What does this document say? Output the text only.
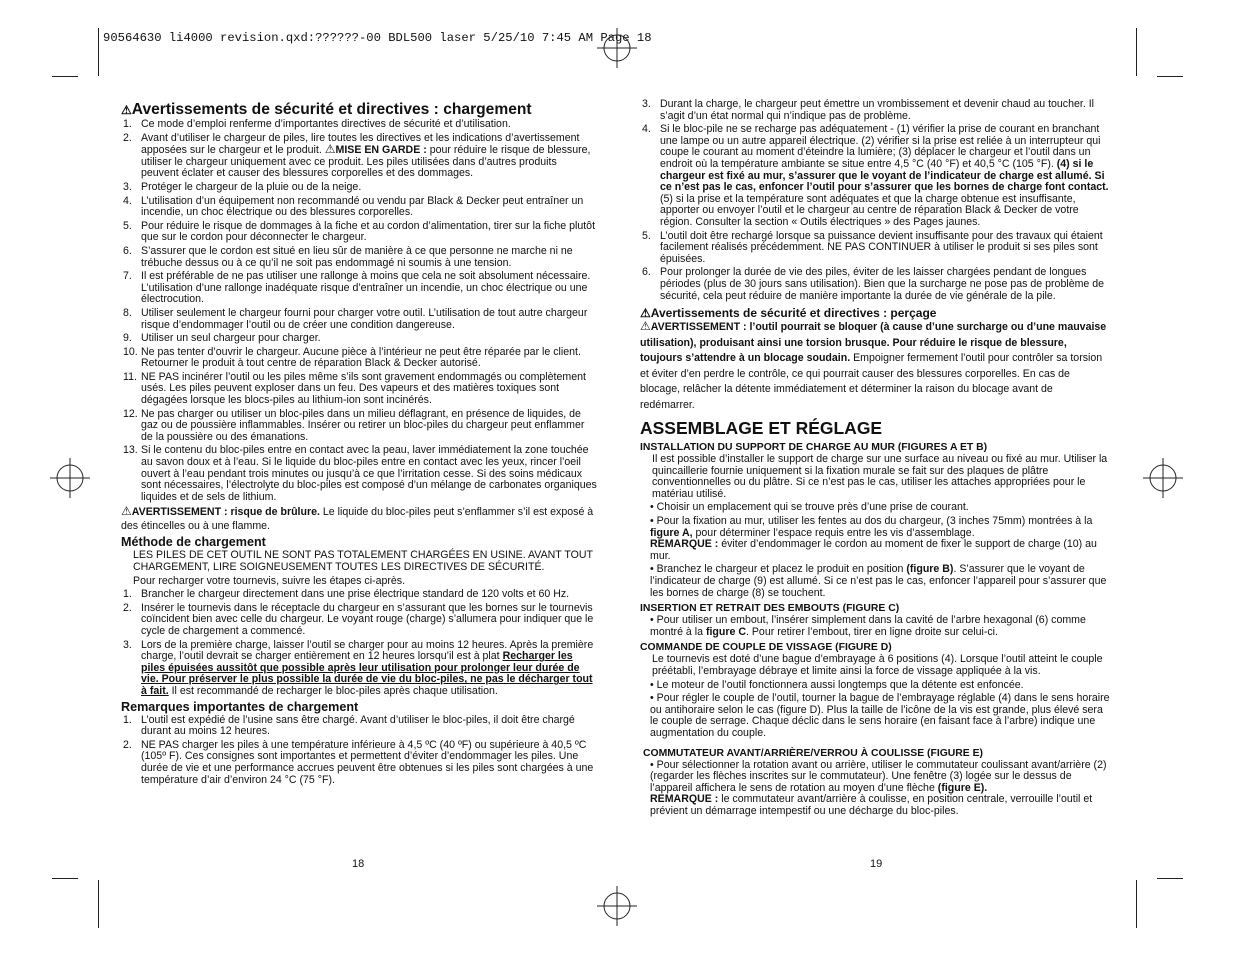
90564630 li4000 revision.qxd:??????-00 BDL500 laser 5/25/10 7:45 AM Page 18
⚠Avertissements de sécurité et directives : chargement
1. Ce mode d’emploi renferme d’importantes directives de sécurité et d’utilisation.
2. Avant d’utiliser le chargeur de piles, lire toutes les directives et les indications d’avertissement apposées sur le chargeur et le produit. ⚠MISE EN GARDE : pour réduire le risque de blessure, utiliser le chargeur uniquement avec ce produit. Les piles utilisées dans d’autres produits peuvent éclater et causer des blessures corporelles et des dommages.
3. Protéger le chargeur de la pluie ou de la neige.
4. L’utilisation d’un équipement non recommandé ou vendu par Black & Decker peut entraîner un incendie, un choc électrique ou des blessures corporelles.
5. Pour réduire le risque de dommages à la fiche et au cordon d’alimentation, tirer sur la fiche plutôt que sur le cordon pour déconnecter le chargeur.
6. S’assurer que le cordon est situé en lieu sûr de manière à ce que personne ne marche ni ne trébuche dessus ou à ce qu’il ne soit pas endommagé ni soumis à une tension.
7. Il est préférable de ne pas utiliser une rallonge à moins que cela ne soit absolument nécessaire. L’utilisation d’une rallonge inadéquate risque d’entraîner un incendie, un choc électrique ou une électrocution.
8. Utiliser seulement le chargeur fourni pour charger votre outil. L’utilisation de tout autre chargeur risque d’endommager l’outil ou de créer une condition dangereuse.
9. Utiliser un seul chargeur pour charger.
10. Ne pas tenter d’ouvrir le chargeur. Aucune pièce à l’intérieur ne peut être réparée par le client. Retourner le produit à tout centre de réparation Black & Decker autorisé.
11. NE PAS incinérer l’outil ou les piles même s’ils sont gravement endommagés ou complètement usés. Les piles peuvent exploser dans un feu. Des vapeurs et des matières toxiques sont dégagées lorsque les blocs-piles au lithium-ion sont incinérés.
12. Ne pas charger ou utiliser un bloc-piles dans un milieu déflagrant, en présence de liquides, de gaz ou de poussière inflammables. Insérer ou retirer un bloc-piles du chargeur peut enflammer de la poussière ou des émanations.
13. Si le contenu du bloc-piles entre en contact avec la peau, laver immédiatement la zone touchée au savon doux et à l’eau. Si le liquide du bloc-piles entre en contact avec les yeux, rincer l’oeil ouvert à l’eau pendant trois minutes ou jusqu’à ce que l’irritation cesse. Si des soins médicaux sont nécessaires, l’électrolyte du bloc-piles est composé d’un mélange de carbonates organiques liquides et de sels de lithium.

⚠AVERTISSEMENT : risque de brûlure. Le liquide du bloc-piles peut s’enflammer s’il est exposé à des étincelles ou à une flamme.

Méthode de chargement

LES PILES DE CET OUTIL NE SONT PAS TOTALEMENT CHARGÉES EN USINE. AVANT TOUT CHARGEMENT, LIRE SOIGNEUSEMENT TOUTES LES DIRECTIVES DE SÉCURITÉ.

Pour recharger votre tournevis, suivre les étapes ci-après.

1. Brancher le chargeur directement dans une prise électrique standard de 120 volts et 60 Hz.
2. Insérer le tournevis dans le réceptacle du chargeur en s’assurant que les bornes sur le tournevis coïncident bien avec celle du chargeur. Le voyant rouge (charge) s’allumera pour indiquer que le cycle de chargement a commencé.
3. Lors de la première charge, laisser l’outil se charger pour au moins 12 heures. Après la première charge, l’outil devrait se charger entièrement en 12 heures lorsqu’il est à plat Recharger les piles épuisées aussitôt que possible après leur utilisation pour prolonger leur durée de vie. Pour préserver le plus possible la durée de vie du bloc-piles, ne pas le décharger tout à fait. Il est recommandé de recharger le bloc-piles après chaque utilisation.
Remarques importantes de chargement
1. L’outil est expédié de l’usine sans être chargé. Avant d’utiliser le bloc-piles, il doit être chargé durant au moins 12 heures.
2. NE PAS charger les piles à une température inférieure à 4,5 ºC (40 ºF) ou supérieure à 40,5 ºC (105º F). Ces consignes sont importantes et permettent d’éviter d’endommager les piles. Une durée de vie et une performance accrues peuvent être obtenues si les piles sont chargées à une température d’air d’environ 24 °C (75 °F).
18
3. Durant la charge, le chargeur peut émettre un vrombissement et devenir chaud au toucher. Il s’agit d’un état normal qui n’indique pas de problème.
4. Si le bloc-pile ne se recharge pas adéquatement - (1) vérifier la prise de courant en branchant une lampe ou un autre appareil électrique. (2) vérifier si la prise est reliée à un interrupteur qui coupe le courant au moment d’éteindre la lumière; (3) déplacer le chargeur et l’outil dans un endroit où la température ambiante se situe entre 4,5 °C (40 °F) et 40,5 °C (105 °F). (4) si le chargeur est fixé au mur, s’assurer que le voyant de l’indicateur de charge est allumé. Si ce n’est pas le cas, enfoncer l’outil pour s’assurer que les bornes de charge font contact. (5) si la prise et la température sont adéquates et que la charge obtenue est insuffisante, apporter ou envoyer l’outil et le chargeur au centre de réparation Black & Decker de votre région. Consulter la section « Outils électriques » des Pages jaunes.
5. L’outil doit être rechargé lorsque sa puissance devient insuffisante pour des travaux qui étaient facilement réalisés précédemment. NE PAS CONTINUER à utiliser le produit si ses piles sont épuisées.
6. Pour prolonger la durée de vie des piles, éviter de les laisser chargées pendant de longues périodes (plus de 30 jours sans utilisation). Bien que la surcharge ne pose pas de problème de sécurité, cela peut réduire de manière importante la durée de vie générale de la pile.
⚠Avertissements de sécurité et directives : perçage

⚠AVERTISSEMENT : l’outil pourrait se bloquer (à cause d’une surcharge ou d’une mauvaise utilisation), produisant ainsi une torsion brusque. Pour réduire le risque de blessure, toujours s’attendre à un blocage soudain. Empoigner fermement l’outil pour contrôler sa torsion et éviter d’en perdre le contrôle, ce qui pourrait causer des blessures corporelles. En cas de blocage, relâcher la détente immédiatement et déterminer la raison du blocage avant de redémarrer.

ASSEMBLAGE ET RÉGLAGE
INSTALLATION DU SUPPORT DE CHARGE AU MUR (FIGURES A ET B)

Il est possible d’installer le support de charge sur une surface au niveau ou fixé au mur. Utiliser la quincaillerie fournie uniquement si la fixation murale se fait sur des plaques de plâtre conventionnelles ou du plâtre. Si ce n’est pas le cas, utiliser les attaches appropriées pour le matériau utilisé.

• Choisir un emplacement qui se trouve près d’une prise de courant.

• Pour la fixation au mur, utiliser les fentes au dos du chargeur, (3 inches 75mm) montrées à la figure A, pour déterminer l’espace requis entre les vis d’assemblage.
REMARQUE : éviter d’endommager le cordon au moment de fixer le support de charge (10) au mur.

• Branchez le chargeur et placez le produit en position (figure B). S’assurer que le voyant de l’indicateur de charge (9) est allumé. Si ce n’est pas le cas, enfoncer l’appareil pour s’assurer que les bornes de charge (8) se touchent.

INSERTION ET RETRAIT DES EMBOUTS (FIGURE C)

• Pour utiliser un embout, l’insérer simplement dans la cavité de l’arbre hexagonal (6) comme montré à la figure C. Pour retirer l’embout, tirer en ligne droite sur celui-ci.

COMMANDE DE COUPLE DE VISSAGE (FIGURE D)

Le tournevis est doté d’une bague d’embrayage à 6 positions (4). Lorsque l’outil atteint le couple préétabli, l’embrayage débraye et limite ainsi la force de vissage appliquée à la vis.

• Le moteur de l’outil fonctionnera aussi longtemps que la détente est enfoncée.

• Pour régler le couple de l’outil, tourner la bague de l’embrayage réglable (4) dans le sens horaire ou antihoraire selon le cas (figure D). Plus la taille de l’icône de la vis est grande, plus élevé sera le couple de serrage. Chaque déclic dans le sens horaire (en faisant face à l’arbre) indique une augmentation du couple.

COMMUTATEUR AVANT/ARRIÈRE/VERROU À COULISSE (FIGURE E)

• Pour sélectionner la rotation avant ou arrière, utiliser le commutateur coulissant avant/arrière (2) (regarder les flèches inscrites sur le commutateur). Une fenêtre (3) logée sur le dessus de l’appareil affichera le sens de rotation au moyen d’une flèche (figure E).
REMARQUE : le commutateur avant/arrière à coulisse, en position centrale, verrouille l’outil et prévient un démarrage intempestif ou une décharge du bloc-piles.

19
